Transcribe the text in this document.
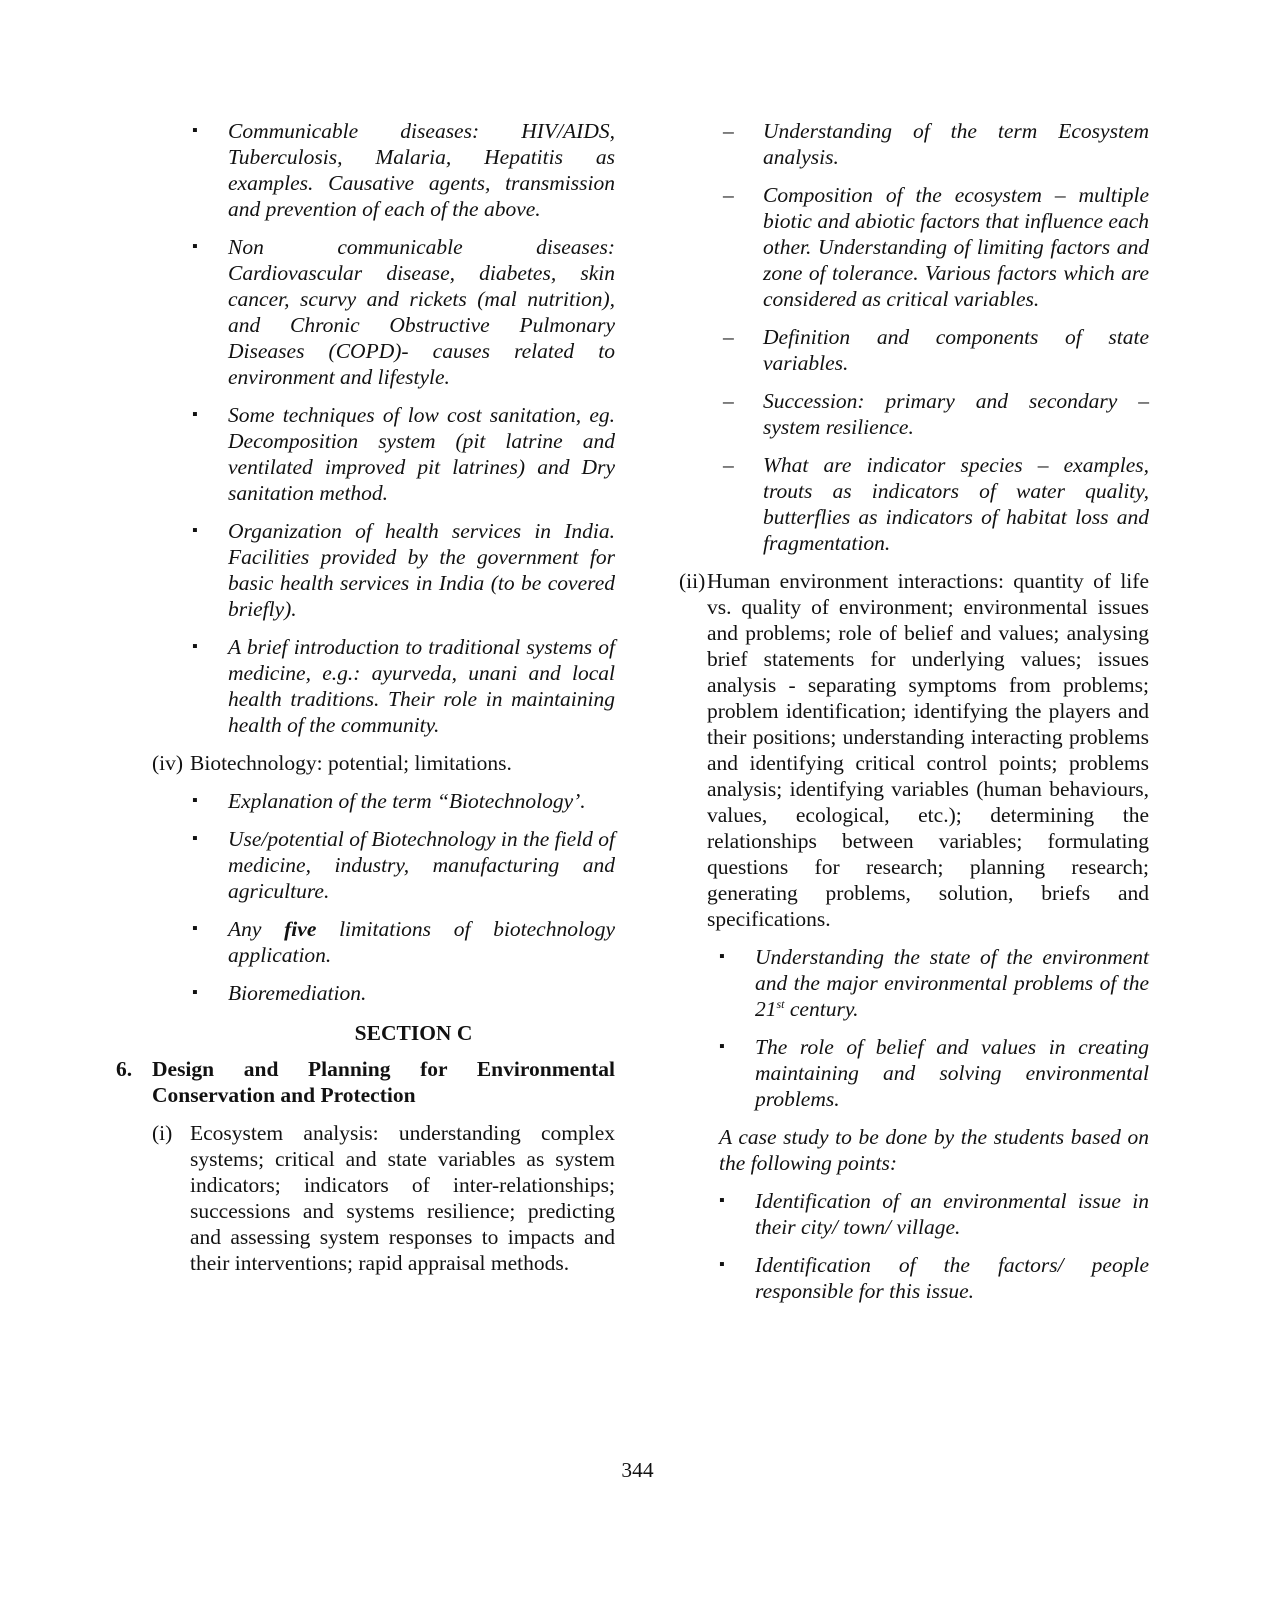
▪	Communicable diseases: HIV/AIDS, Tuberculosis, Malaria, Hepatitis as examples. Causative agents, transmission and prevention of each of the above.
▪	Non communicable diseases: Cardiovascular disease, diabetes, skin cancer, scurvy and rickets (mal nutrition), and Chronic Obstructive Pulmonary Diseases (COPD)- causes related to environment and lifestyle.
▪	Some techniques of low cost sanitation, eg. Decomposition system (pit latrine and ventilated improved pit latrines) and Dry sanitation method.
▪	Organization of health services in India. Facilities provided by the government for basic health services in India (to be covered briefly).
▪	A brief introduction to traditional systems of medicine, e.g.: ayurveda, unani and local health traditions. Their role in maintaining health of the community.
(iv) Biotechnology: potential; limitations.
▪	Explanation of the term “Biotechnology’.
▪	Use/potential of Biotechnology in the field of medicine, industry, manufacturing and agriculture.
▪	Any five limitations of biotechnology application.
▪	Bioremediation.
SECTION C
6. Design and Planning for Environmental Conservation and Protection
(i) Ecosystem analysis: understanding complex systems; critical and state variables as system indicators; indicators of inter-relationships; successions and systems resilience; predicting and assessing system responses to impacts and their interventions; rapid appraisal methods.
– Understanding of the term Ecosystem analysis.
– Composition of the ecosystem – multiple biotic and abiotic factors that influence each other. Understanding of limiting factors and zone of tolerance. Various factors which are considered as critical variables.
– Definition and components of state variables.
– Succession: primary and secondary – system resilience.
– What are indicator species – examples, trouts as indicators of water quality, butterflies as indicators of habitat loss and fragmentation.
(ii) Human environment interactions: quantity of life vs. quality of environment; environmental issues and problems; role of belief and values; analysing brief statements for underlying values; issues analysis - separating symptoms from problems; problem identification; identifying the players and their positions; understanding interacting problems and identifying critical control points; problems analysis; identifying variables (human behaviours, values, ecological, etc.); determining the relationships between variables; formulating questions for research; planning research; generating problems, solution, briefs and specifications.
▪ Understanding the state of the environment and the major environmental problems of the 21st century.
▪ The role of belief and values in creating maintaining and solving environmental problems.
A case study to be done by the students based on the following points:
▪ Identification of an environmental issue in their city/ town/ village.
▪ Identification of the factors/ people responsible for this issue.
344
